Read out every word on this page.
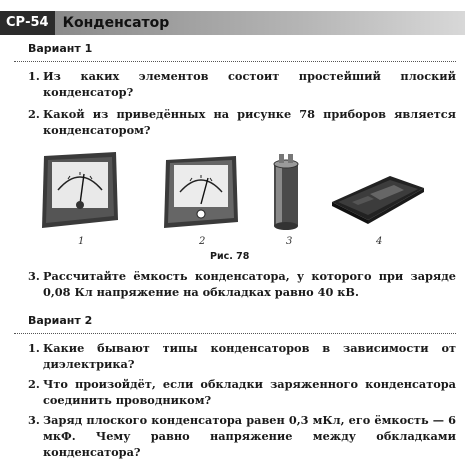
СР-54	Конденсатор
Вариант 1
1. Из каких элементов состоит простейший плоский конденсатор?
2. Какой из приведённых на рисунке 78 приборов является конденсатором?
1	2	3	4
Рис. 78
3. Рассчитайте ёмкость конденсатора, у которого при заряде 0,08 Кл напряжение на обкладках равно 40 кВ.
Вариант 2
1. Какие бывают типы конденсаторов в зависимости от диэлектрика?
2. Что произойдёт, если обкладки заряженного конденсатора соединить проводником?
3. Заряд плоского конденсатора равен 0,3 мКл, его ёмкость — 6 мкФ. Чему равно напряжение между обкладками конденсатора?
